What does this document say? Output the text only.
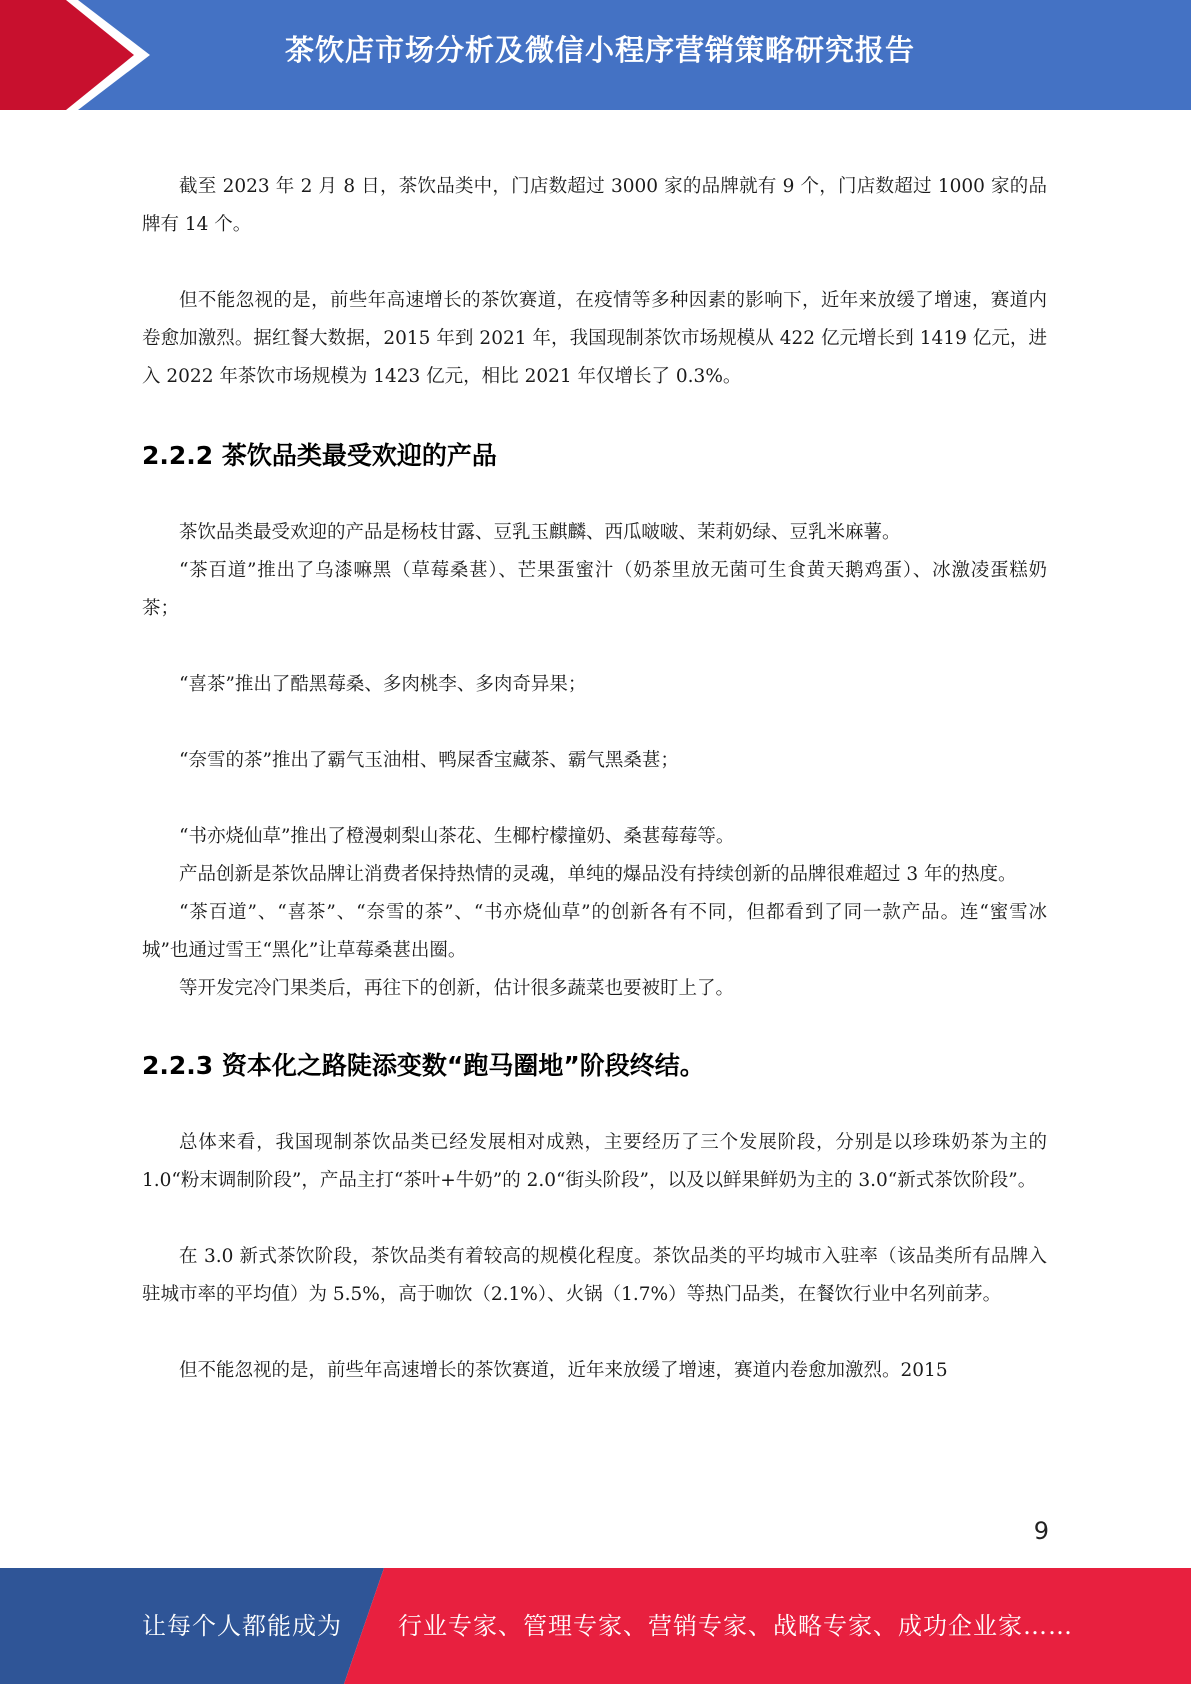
茶饮店市场分析及微信小程序营销策略研究报告

截至 2023 年 2 月 8 日，茶饮品类中，门店数超过 3000 家的品牌就有 9 个，门店数超过 1000 家的品牌有 14 个。

但不能忽视的是，前些年高速增长的茶饮赛道，在疫情等多种因素的影响下，近年来放缓了增速，赛道内卷愈加激烈。据红餐大数据，2015 年到 2021 年，我国现制茶饮市场规模从 422 亿元增长到 1419 亿元，进入 2022 年茶饮市场规模为 1423 亿元，相比 2021 年仅增长了 0.3%。

2.2.2 茶饮品类最受欢迎的产品

茶饮品类最受欢迎的产品是杨枝甘露、豆乳玉麒麟、西瓜啵啵、茉莉奶绿、豆乳米麻薯。

“茶百道”推出了乌漆嘛黑（草莓桑葚）、芒果蛋蜜汁（奶茶里放无菌可生食黄天鹅鸡蛋）、冰激凌蛋糕奶茶；

“喜茶”推出了酷黑莓桑、多肉桃李、多肉奇异果；

“奈雪的茶”推出了霸气玉油柑、鸭屎香宝藏茶、霸气黑桑葚；

“书亦烧仙草”推出了橙漫刺梨山茶花、生椰柠檬撞奶、桑葚莓莓等。

产品创新是茶饮品牌让消费者保持热情的灵魂，单纯的爆品没有持续创新的品牌很难超过 3 年的热度。

“茶百道”、“喜茶”、“奈雪的茶”、“书亦烧仙草”的创新各有不同，但都看到了同一款产品。连“蜜雪冰城”也通过雪王“黑化”让草莓桑葚出圈。

等开发完冷门果类后，再往下的创新，估计很多蔬菜也要被盯上了。

2.2.3 资本化之路陡添变数“跑马圈地”阶段终结。

总体来看，我国现制茶饮品类已经发展相对成熟，主要经历了三个发展阶段，分别是以珍珠奶茶为主的 1.0“粉末调制阶段”，产品主打“茶叶+牛奶”的 2.0“街头阶段”，以及以鲜果鲜奶为主的 3.0“新式茶饮阶段”。

在 3.0 新式茶饮阶段，茶饮品类有着较高的规模化程度。茶饮品类的平均城市入驻率（该品类所有品牌入驻城市率的平均值）为 5.5%，高于咖饮（2.1%）、火锅（1.7%）等热门品类，在餐饮行业中名列前茅。

但不能忽视的是，前些年高速增长的茶饮赛道，近年来放缓了增速，赛道内卷愈加激烈。2015

9
让每个人都能成为 行业专家、管理专家、营销专家、战略专家、成功企业家……
